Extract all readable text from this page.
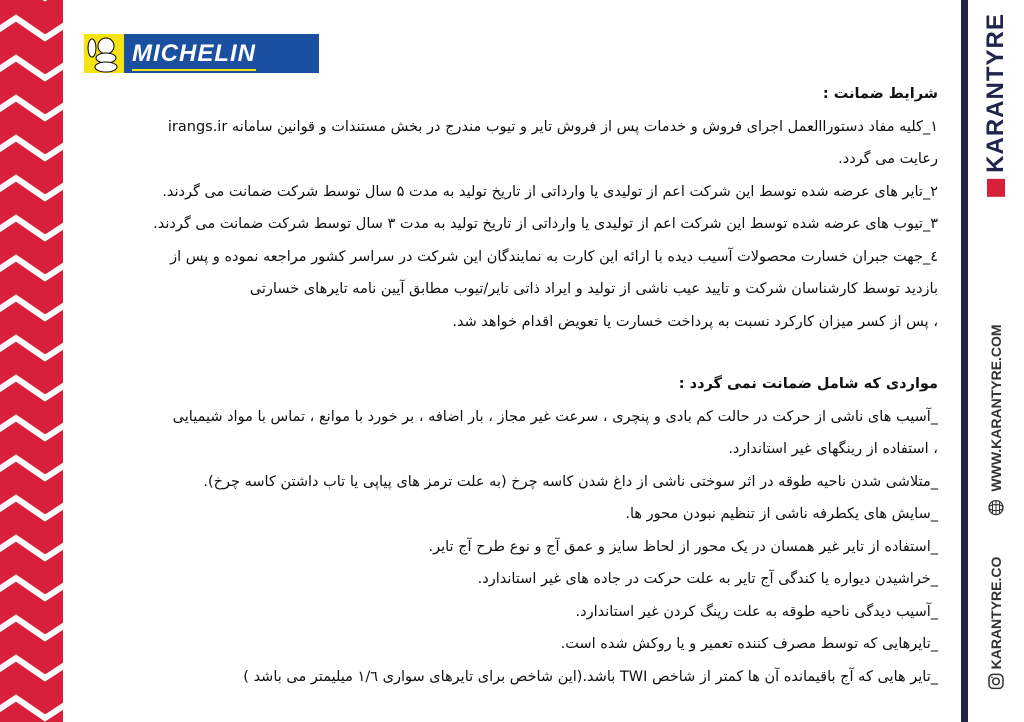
MICHELIN
شرایط ضمانت :
۱_کلیه مفاد دستوراالعمل اجرای فروش و خدمات پس از فروش تایر و تیوب مندرج در بخش مستندات و قوانین سامانه irangs.ir
رعایت می گردد.
۲_تایر های عرضه شده توسط این شرکت اعم از تولیدی یا وارداتی از تاریخ تولید به مدت ۵ سال توسط شرکت ضمانت می گردند.
۳_تیوب های عرضه شده توسط این شرکت اعم از تولیدی یا وارداتی از تاریخ تولید به مدت ۳ سال توسط شرکت ضمانت می گردند.
٤_جهت جبران خسارت محصولات آسیب دیده با ارائه این کارت به نمایندگان این شرکت در سراسر کشور مراجعه نموده و پس از
بازدید توسط کارشناسان شرکت و تایید عیب ناشی از تولید و ایراد ذاتی تایر/تیوب مطابق آیین نامه تایرهای خسارتی
، پس از کسر میزان کارکرد نسبت به پرداخت خسارت یا تعویض اقدام خواهد شد.
مواردی که شامل ضمانت نمی گردد :
_آسیب های ناشی از حرکت در حالت کم بادی و پنچری ، سرعت غیر مجاز ، بار اضافه ، بر خورد با موانع ، تماس با مواد شیمیایی
، استفاده از رینگهای غیر استاندارد.
_متلاشی شدن ناحیه طوقه در اثر سوختی ناشی از داغ شدن کاسه چرخ (به علت ترمز های پیاپی یا تاب داشتن کاسه چرخ).
_سایش های یکطرفه ناشی از تنظیم نبودن محور ها.
_استفاده از تایر غیر همسان در یک محور از لحاظ سایز و عمق آج و نوع طرح آج تایر.
_خراشیدن دیواره یا کندگی آج تایر به علت حرکت در جاده های غیر استاندارد.
_آسیب دیدگی ناحیه طوقه به علت رینگ کردن غیر استاندارد.
_تایرهایی که توسط مصرف کننده تعمیر و یا روکش شده است.
_تایر هایی که آج باقیمانده آن ها کمتر از شاخص TWI باشد.(این شاخص برای تایرهای سواری ۱/٦ میلیمتر می باشد )
KARANTYRE
WWW.KARANTYRE.COM
KARANTYRE.CO
